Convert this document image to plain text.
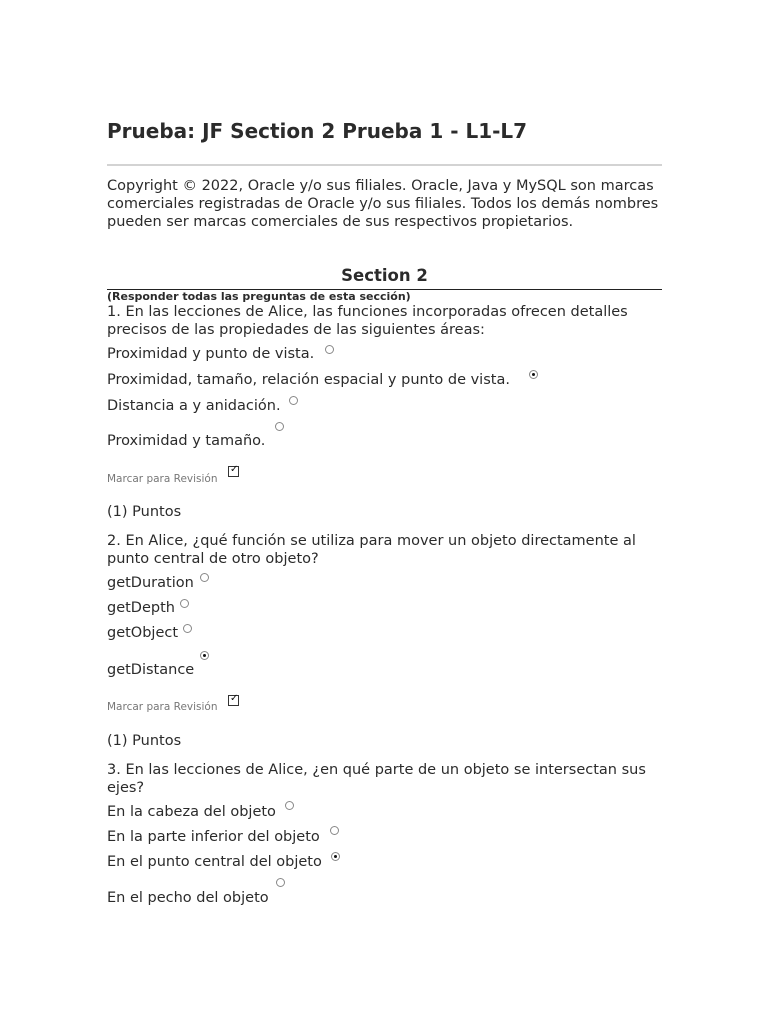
Prueba: JF Section 2 Prueba 1 - L1-L7
Copyright © 2022, Oracle y/o sus filiales. Oracle, Java y MySQL son marcas comerciales registradas de Oracle y/o sus filiales. Todos los demás nombres pueden ser marcas comerciales de sus respectivos propietarios.
Section 2
(Responder todas las preguntas de esta sección)
1. En las lecciones de Alice, las funciones incorporadas ofrecen detalles precisos de las propiedades de las siguientes áreas:
Proximidad y punto de vista.
Proximidad, tamaño, relación espacial y punto de vista.
Distancia a y anidación.
Proximidad y tamaño.
Marcar para Revisión
✓
(1) Puntos
2. En Alice, ¿qué función se utiliza para mover un objeto directamente al punto central de otro objeto?
getDuration
getDepth
getObject
getDistance
Marcar para Revisión
✓
(1) Puntos
3. En las lecciones de Alice, ¿en qué parte de un objeto se intersectan sus ejes?
En la cabeza del objeto
En la parte inferior del objeto
En el punto central del objeto
En el pecho del objeto
